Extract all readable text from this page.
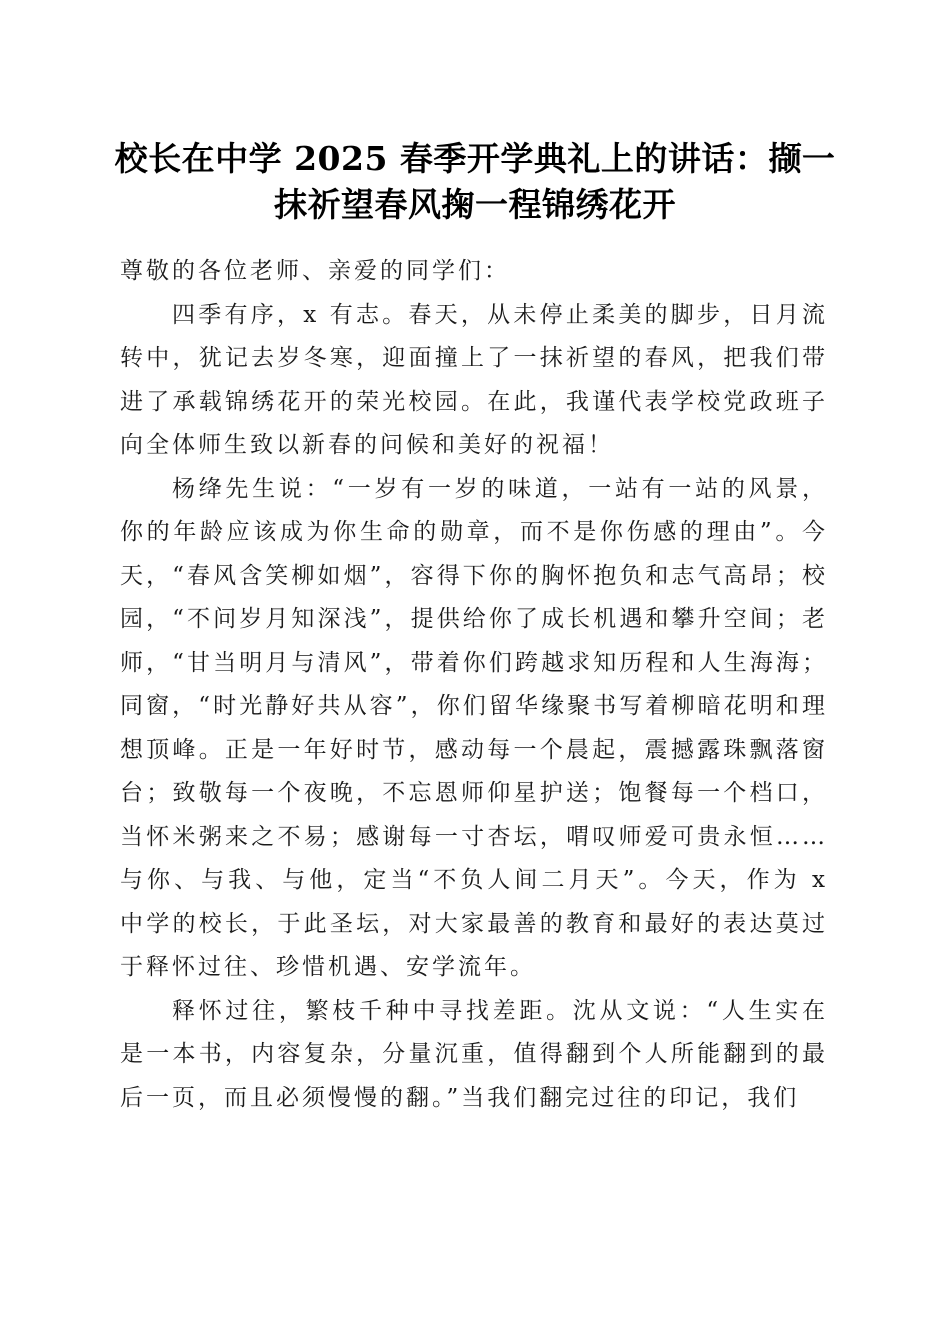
校长在中学 2025 春季开学典礼上的讲话：撷一抹祈望春风掬一程锦绣花开

尊敬的各位老师、亲爱的同学们：

四季有序，x 有志。春天，从未停止柔美的脚步，日月流转中，犹记去岁冬寒，迎面撞上了一抹祈望的春风，把我们带进了承载锦绣花开的荣光校园。在此，我谨代表学校党政班子向全体师生致以新春的问候和美好的祝福！

杨绛先生说：“一岁有一岁的味道，一站有一站的风景，你的年龄应该成为你生命的勋章，而不是你伤感的理由”。今天，“春风含笑柳如烟”，容得下你的胸怀抱负和志气高昂；校园，“不问岁月知深浅”，提供给你了成长机遇和攀升空间；老师，“甘当明月与清风”，带着你们跨越求知历程和人生海海；同窗，“时光静好共从容”，你们留华缘聚书写着柳暗花明和理想顶峰。正是一年好时节，感动每一个晨起，震撼露珠飘落窗台；致敬每一个夜晚，不忘恩师仰星护送；饱餐每一个档口，当怀米粥来之不易；感谢每一寸杏坛，喟叹师爱可贵永恒……与你、与我、与他，定当“不负人间二月天”。今天，作为 x 中学的校长，于此圣坛，对大家最善的教育和最好的表达莫过于释怀过往、珍惜机遇、安学流年。

释怀过往，繁枝千种中寻找差距。沈从文说：“人生实在是一本书，内容复杂，分量沉重，值得翻到个人所能翻到的最后一页，而且必须慢慢的翻。”当我们翻完过往的印记，我们
